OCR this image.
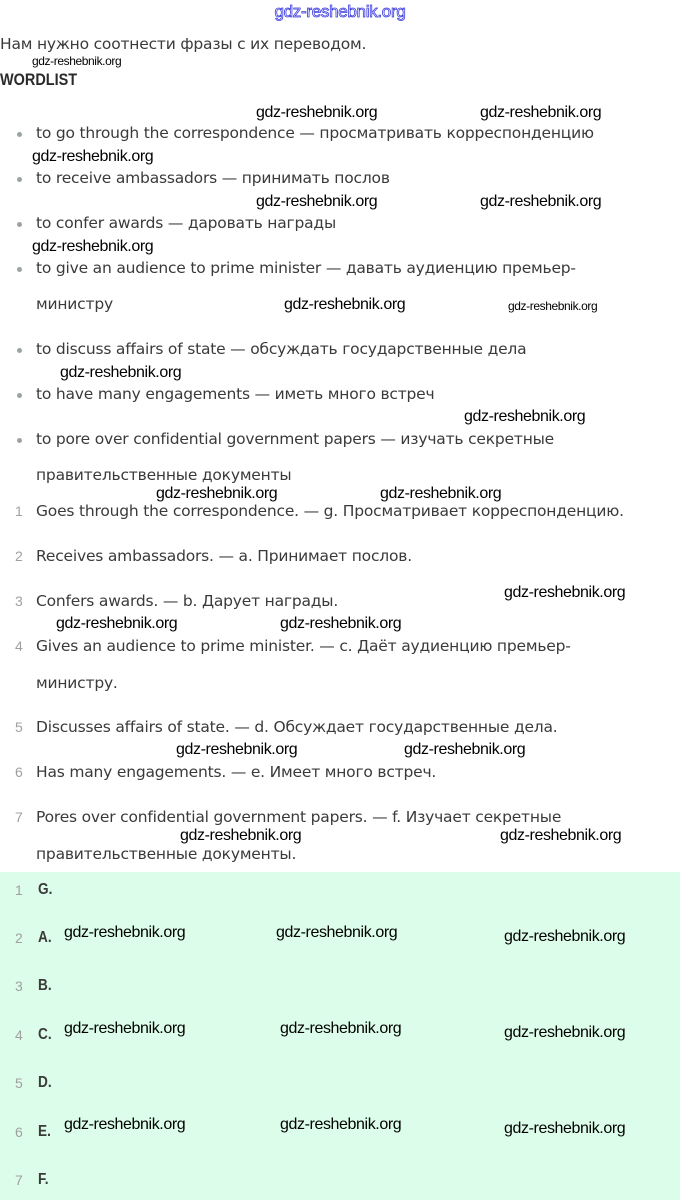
gdz-reshebnik.org
Нам нужно соотнести фразы с их переводом.
WORDLIST
to go through the correspondence — просматривать корреспонденцию
to receive ambassadors — принимать послов
to confer awards — даровать награды
to give an audience to prime minister — давать аудиенцию премьер-
министру
to discuss affairs of state — обсуждать государственные дела
to have many engagements — иметь много встреч
to pore over confidential government papers — изучать секретные
правительственные документы
1 Goes through the correspondence. — g. Просматривает корреспонденцию.
2 Receives ambassadors. — a. Принимает послов.
3 Confers awards. — b. Дарует награды.
4 Gives an audience to prime minister. — c. Даёт аудиенцию премьер-
министру.
5 Discusses affairs of state. — d. Обсуждает государственные дела.
6 Has many engagements. — e. Имеет много встреч.
7 Pores over confidential government papers. — f. Изучает секретные
правительственные документы.
1 G.
2 A.
3 B.
4 C.
5 D.
6 E.
7 F.
gdz-reshebnik.org
gdz-reshebnik.org	gdz-reshebnik.org
gdz-reshebnik.org
gdz-reshebnik.org	gdz-reshebnik.org
gdz-reshebnik.org
gdz-reshebnik.org	gdz-reshebnik.org
gdz-reshebnik.org
gdz-reshebnik.org
gdz-reshebnik.org	gdz-reshebnik.org
gdz-reshebnik.org
gdz-reshebnik.org
gdz-reshebnik.org
gdz-reshebnik.org	gdz-reshebnik.org
gdz-reshebnik.org	gdz-reshebnik.org
gdz-reshebnik.org	gdz-reshebnik.org	gdz-reshebnik.org
gdz-reshebnik.org	gdz-reshebnik.org	gdz-reshebnik.org
gdz-reshebnik.org	gdz-reshebnik.org	gdz-reshebnik.org
